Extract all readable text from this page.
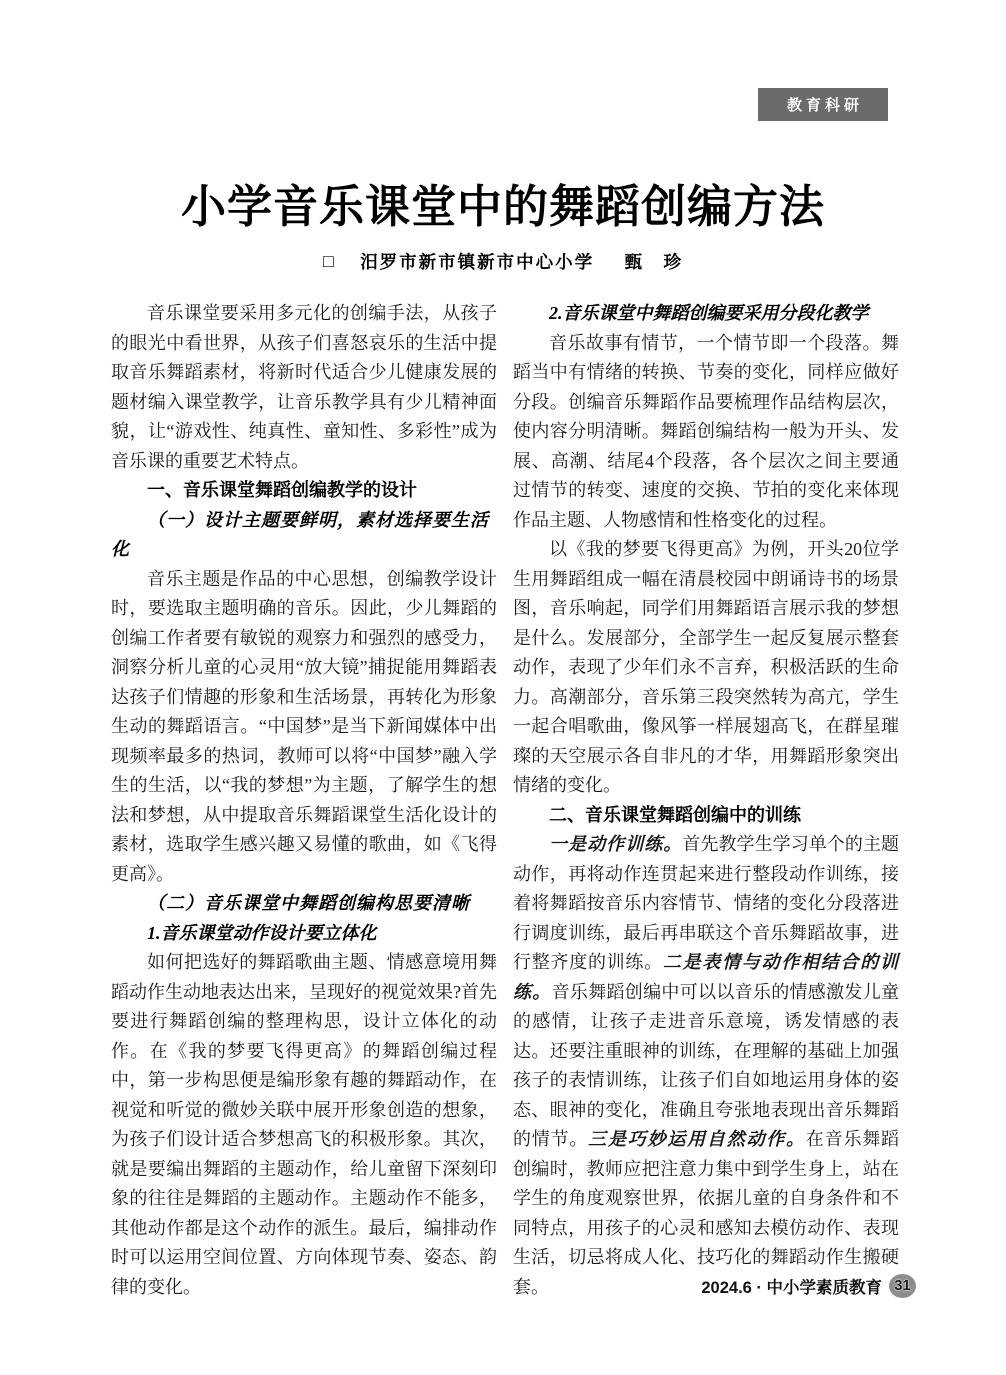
教育科研
小学音乐课堂中的舞蹈创编方法
□ 汨罗市新市镇新市中心小学 甄　珍
音乐课堂要采用多元化的创编手法，从孩子的眼光中看世界，从孩子们喜怒哀乐的生活中提取音乐舞蹈素材，将新时代适合少儿健康发展的题材编入课堂教学，让音乐教学具有少儿精神面貌，让“游戏性、纯真性、童知性、多彩性”成为音乐课的重要艺术特点。
一、音乐课堂舞蹈创编教学的设计
（一）设计主题要鲜明，素材选择要生活化
音乐主题是作品的中心思想，创编教学设计时，要选取主题明确的音乐。因此，少儿舞蹈的创编工作者要有敏锐的观察力和强烈的感受力，洞察分析儿童的心灵用“放大镜”捕捉能用舞蹈表达孩子们情趣的形象和生活场景，再转化为形象生动的舞蹈语言。“中国梦”是当下新闻媒体中出现频率最多的热词，教师可以将“中国梦”融入学生的生活，以“我的梦想”为主题，了解学生的想法和梦想，从中提取音乐舞蹈课堂生活化设计的素材，选取学生感兴趣又易懂的歌曲，如《飞得更高》。
（二）音乐课堂中舞蹈创编构思要清晰
1.音乐课堂动作设计要立体化
如何把选好的舞蹈歌曲主题、情感意境用舞蹈动作生动地表达出来，呈现好的视觉效果?首先要进行舞蹈创编的整理构思，设计立体化的动作。在《我的梦要飞得更高》的舞蹈创编过程中，第一步构思便是编形象有趣的舞蹈动作，在视觉和听觉的微妙关联中展开形象创造的想象，为孩子们设计适合梦想高飞的积极形象。其次，就是要编出舞蹈的主题动作，给儿童留下深刻印象的往往是舞蹈的主题动作。主题动作不能多，其他动作都是这个动作的派生。最后，编排动作时可以运用空间位置、方向体现节奏、姿态、韵律的变化。
2.音乐课堂中舞蹈创编要采用分段化教学
音乐故事有情节，一个情节即一个段落。舞蹈当中有情绪的转换、节奏的变化，同样应做好分段。创编音乐舞蹈作品要梳理作品结构层次，使内容分明清晰。舞蹈创编结构一般为开头、发展、高潮、结尾4个段落，各个层次之间主要通过情节的转变、速度的交换、节拍的变化来体现作品主题、人物感情和性格变化的过程。
以《我的梦要飞得更高》为例，开头20位学生用舞蹈组成一幅在清晨校园中朗诵诗书的场景图，音乐响起，同学们用舞蹈语言展示我的梦想是什么。发展部分，全部学生一起反复展示整套动作，表现了少年们永不言弃，积极活跃的生命力。高潮部分，音乐第三段突然转为高亢，学生一起合唱歌曲，像风筝一样展翅高飞，在群星璀璨的天空展示各自非凡的才华，用舞蹈形象突出情绪的变化。
二、音乐课堂舞蹈创编中的训练
一是动作训练。首先教学生学习单个的主题动作，再将动作连贯起来进行整段动作训练，接着将舞蹈按音乐内容情节、情绪的变化分段落进行调度训练，最后再串联这个音乐舞蹈故事，进行整齐度的训练。二是表情与动作相结合的训练。音乐舞蹈创编中可以以音乐的情感激发儿童的感情，让孩子走进音乐意境，诱发情感的表达。还要注重眼神的训练，在理解的基础上加强孩子的表情训练，让孩子们自如地运用身体的姿态、眼神的变化，准确且夸张地表现出音乐舞蹈的情节。三是巧妙运用自然动作。在音乐舞蹈创编时，教师应把注意力集中到学生身上，站在学生的角度观察世界，依据儿童的自身条件和不同特点，用孩子的心灵和感知去模仿动作、表现生活，切忌将成人化、技巧化的舞蹈动作生搬硬套。	2024.6 · 中小学素质教育 31
